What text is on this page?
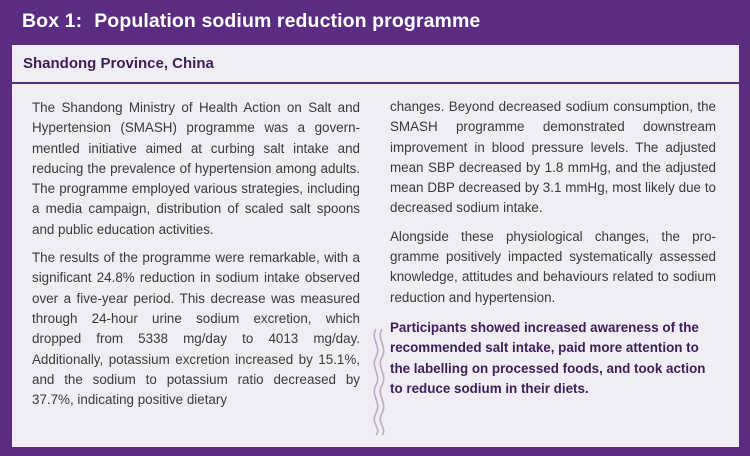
Box 1: Population sodium reduction programme
Shandong Province, China

The Shandong Ministry of Health Action on Salt and Hypertension (SMASH) programme was a governmentled initiative aimed at curbing salt intake and reducing the prevalence of hypertension among adults. The programme employed various strategies, including a media campaign, distribution of scaled salt spoons and public education activities.

The results of the programme were remarkable, with a significant 24.8% reduction in sodium intake observed over a five-year period. This decrease was measured through 24-hour urine sodium excretion, which dropped from 5338 mg/day to 4013 mg/day. Additionally, potassium excretion increased by 15.1%, and the sodium to potassium ratio decreased by 37.7%, indicating positive dietary

changes. Beyond decreased sodium consumption, the SMASH programme demonstrated downstream improvement in blood pressure levels. The adjusted mean SBP decreased by 1.8 mmHg, and the adjusted mean DBP decreased by 3.1 mmHg, most likely due to decreased sodium intake.

Alongside these physiological changes, the programme positively impacted systematically assessed knowledge, attitudes and behaviours related to sodium reduction and hypertension.

Participants showed increased awareness of the recommended salt intake, paid more attention to the labelling on processed foods, and took action to reduce sodium in their diets.
